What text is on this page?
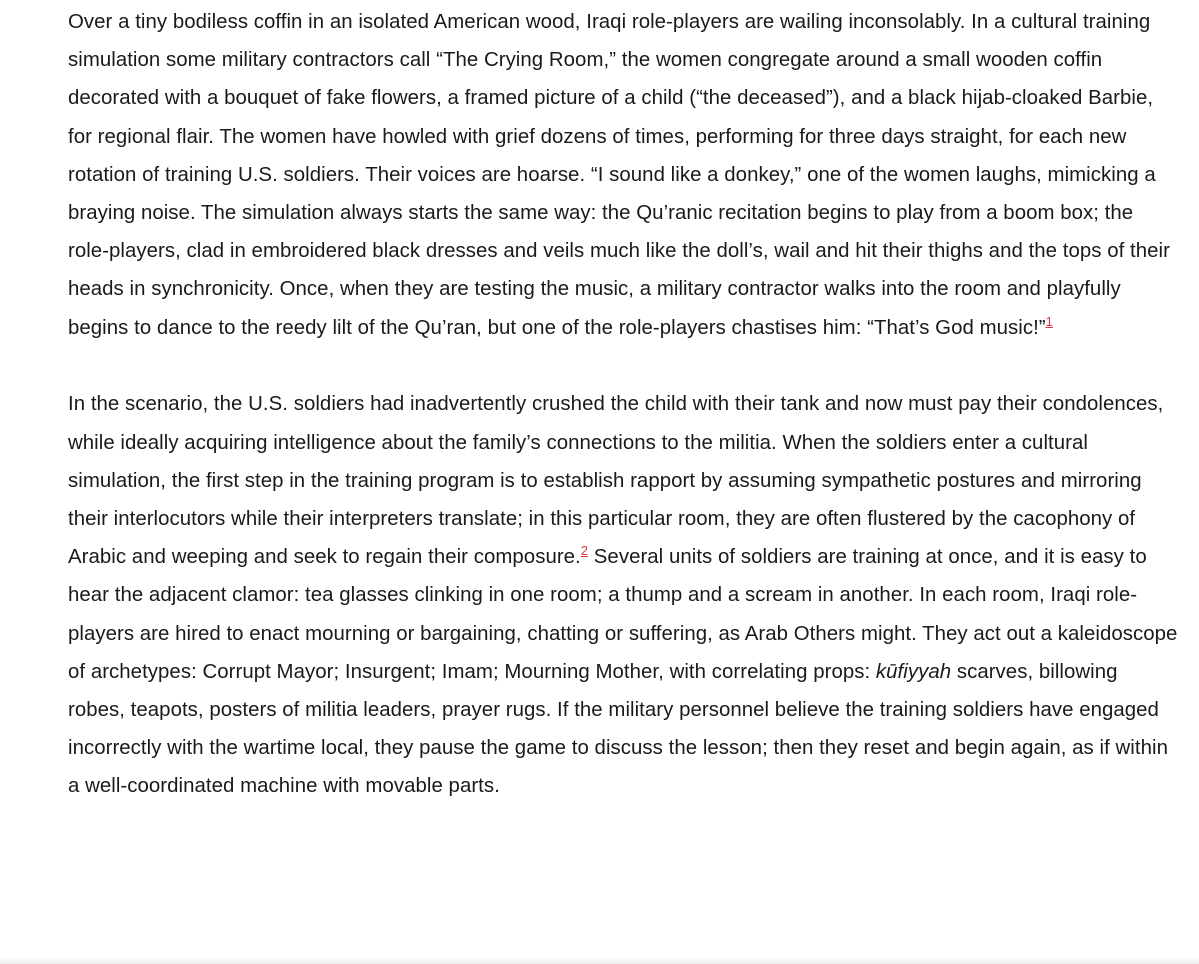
Over a tiny bodiless coffin in an isolated American wood, Iraqi role-players are wailing inconsolably. In a cultural training simulation some military contractors call “The Crying Room,” the women congregate around a small wooden coffin decorated with a bouquet of fake flowers, a framed picture of a child (“the deceased”), and a black hijab-cloaked Barbie, for regional flair. The women have howled with grief dozens of times, performing for three days straight, for each new rotation of training U.S. soldiers. Their voices are hoarse. “I sound like a donkey,” one of the women laughs, mimicking a braying noise. The simulation always starts the same way: the Qu’ranic recitation begins to play from a boom box; the role-players, clad in embroidered black dresses and veils much like the doll’s, wail and hit their thighs and the tops of their heads in synchronicity. Once, when they are testing the music, a military contractor walks into the room and playfully begins to dance to the reedy lilt of the Qu’ran, but one of the role-players chastises him: “That’s God music!”$^1$

In the scenario, the U.S. soldiers had inadvertently crushed the child with their tank and now must pay their condolences, while ideally acquiring intelligence about the family’s connections to the militia. When the soldiers enter a cultural simulation, the first step in the training program is to establish rapport by assuming sympathetic postures and mirroring their interlocutors while their interpreters translate; in this particular room, they are often flustered by the cacophony of Arabic and weeping and seek to regain their composure.$^2$ Several units of soldiers are training at once, and it is easy to hear the adjacent clamor: tea glasses clinking in one room; a thump and a scream in another. In each room, Iraqi role-players are hired to enact mourning or bargaining, chatting or suffering, as Arab Others might. They act out a kaleidoscope of archetypes: Corrupt Mayor; Insurgent; Imam; Mourning Mother, with correlating props: kūfiyyah scarves, billowing robes, teapots, posters of militia leaders, prayer rugs. If the military personnel believe the training soldiers have engaged incorrectly with the wartime local, they pause the game to discuss the lesson; then they reset and begin again, as if within a well-coordinated machine with movable parts.
